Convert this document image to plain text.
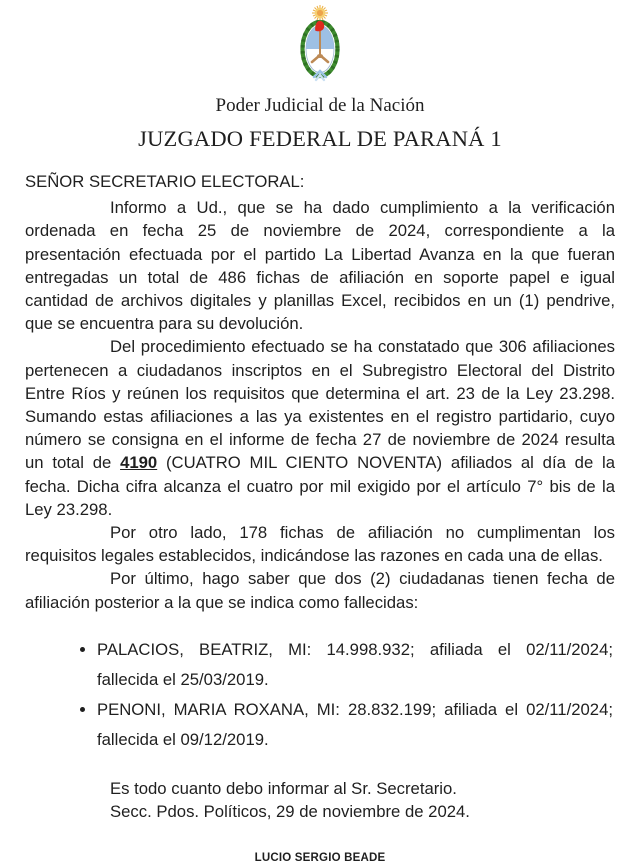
Poder Judicial de la Nación
JUZGADO FEDERAL DE PARANÁ 1

SEÑOR SECRETARIO ELECTORAL:

Informo a Ud., que se ha dado cumplimiento a la verificación ordenada en fecha 25 de noviembre de 2024, correspondiente a la presentación efectuada por el partido La Libertad Avanza en la que fueran entregadas un total de 486 fichas de afiliación en soporte papel e igual cantidad de archivos digitales y planillas Excel, recibidos en un (1) pendrive, que se encuentra para su devolución.

Del procedimiento efectuado se ha constatado que 306 afiliaciones pertenecen a ciudadanos inscriptos en el Subregistro Electoral del Distrito Entre Ríos y reúnen los requisitos que determina el art. 23 de la Ley 23.298. Sumando estas afiliaciones a las ya existentes en el registro partidario, cuyo número se consigna en el informe de fecha 27 de noviembre de 2024 resulta un total de 4190 (CUATRO MIL CIENTO NOVENTA) afiliados al día de la fecha. Dicha cifra alcanza el cuatro por mil exigido por el artículo 7° bis de la Ley 23.298.

Por otro lado, 178 fichas de afiliación no cumplimentan los requisitos legales establecidos, indicándose las razones en cada una de ellas.

Por último, hago saber que dos (2) ciudadanas tienen fecha de afiliación posterior a la que se indica como fallecidas:

• PALACIOS, BEATRIZ, MI: 14.998.932; afiliada el 02/11/2024; fallecida el 25/03/2019.
• PENONI, MARIA ROXANA, MI: 28.832.199; afiliada el 02/11/2024; fallecida el 09/12/2019.

Es todo cuanto debo informar al Sr. Secretario.

Secc. Pdos. Políticos, 29 de noviembre de 2024.

LUCIO SERGIO BEADE
